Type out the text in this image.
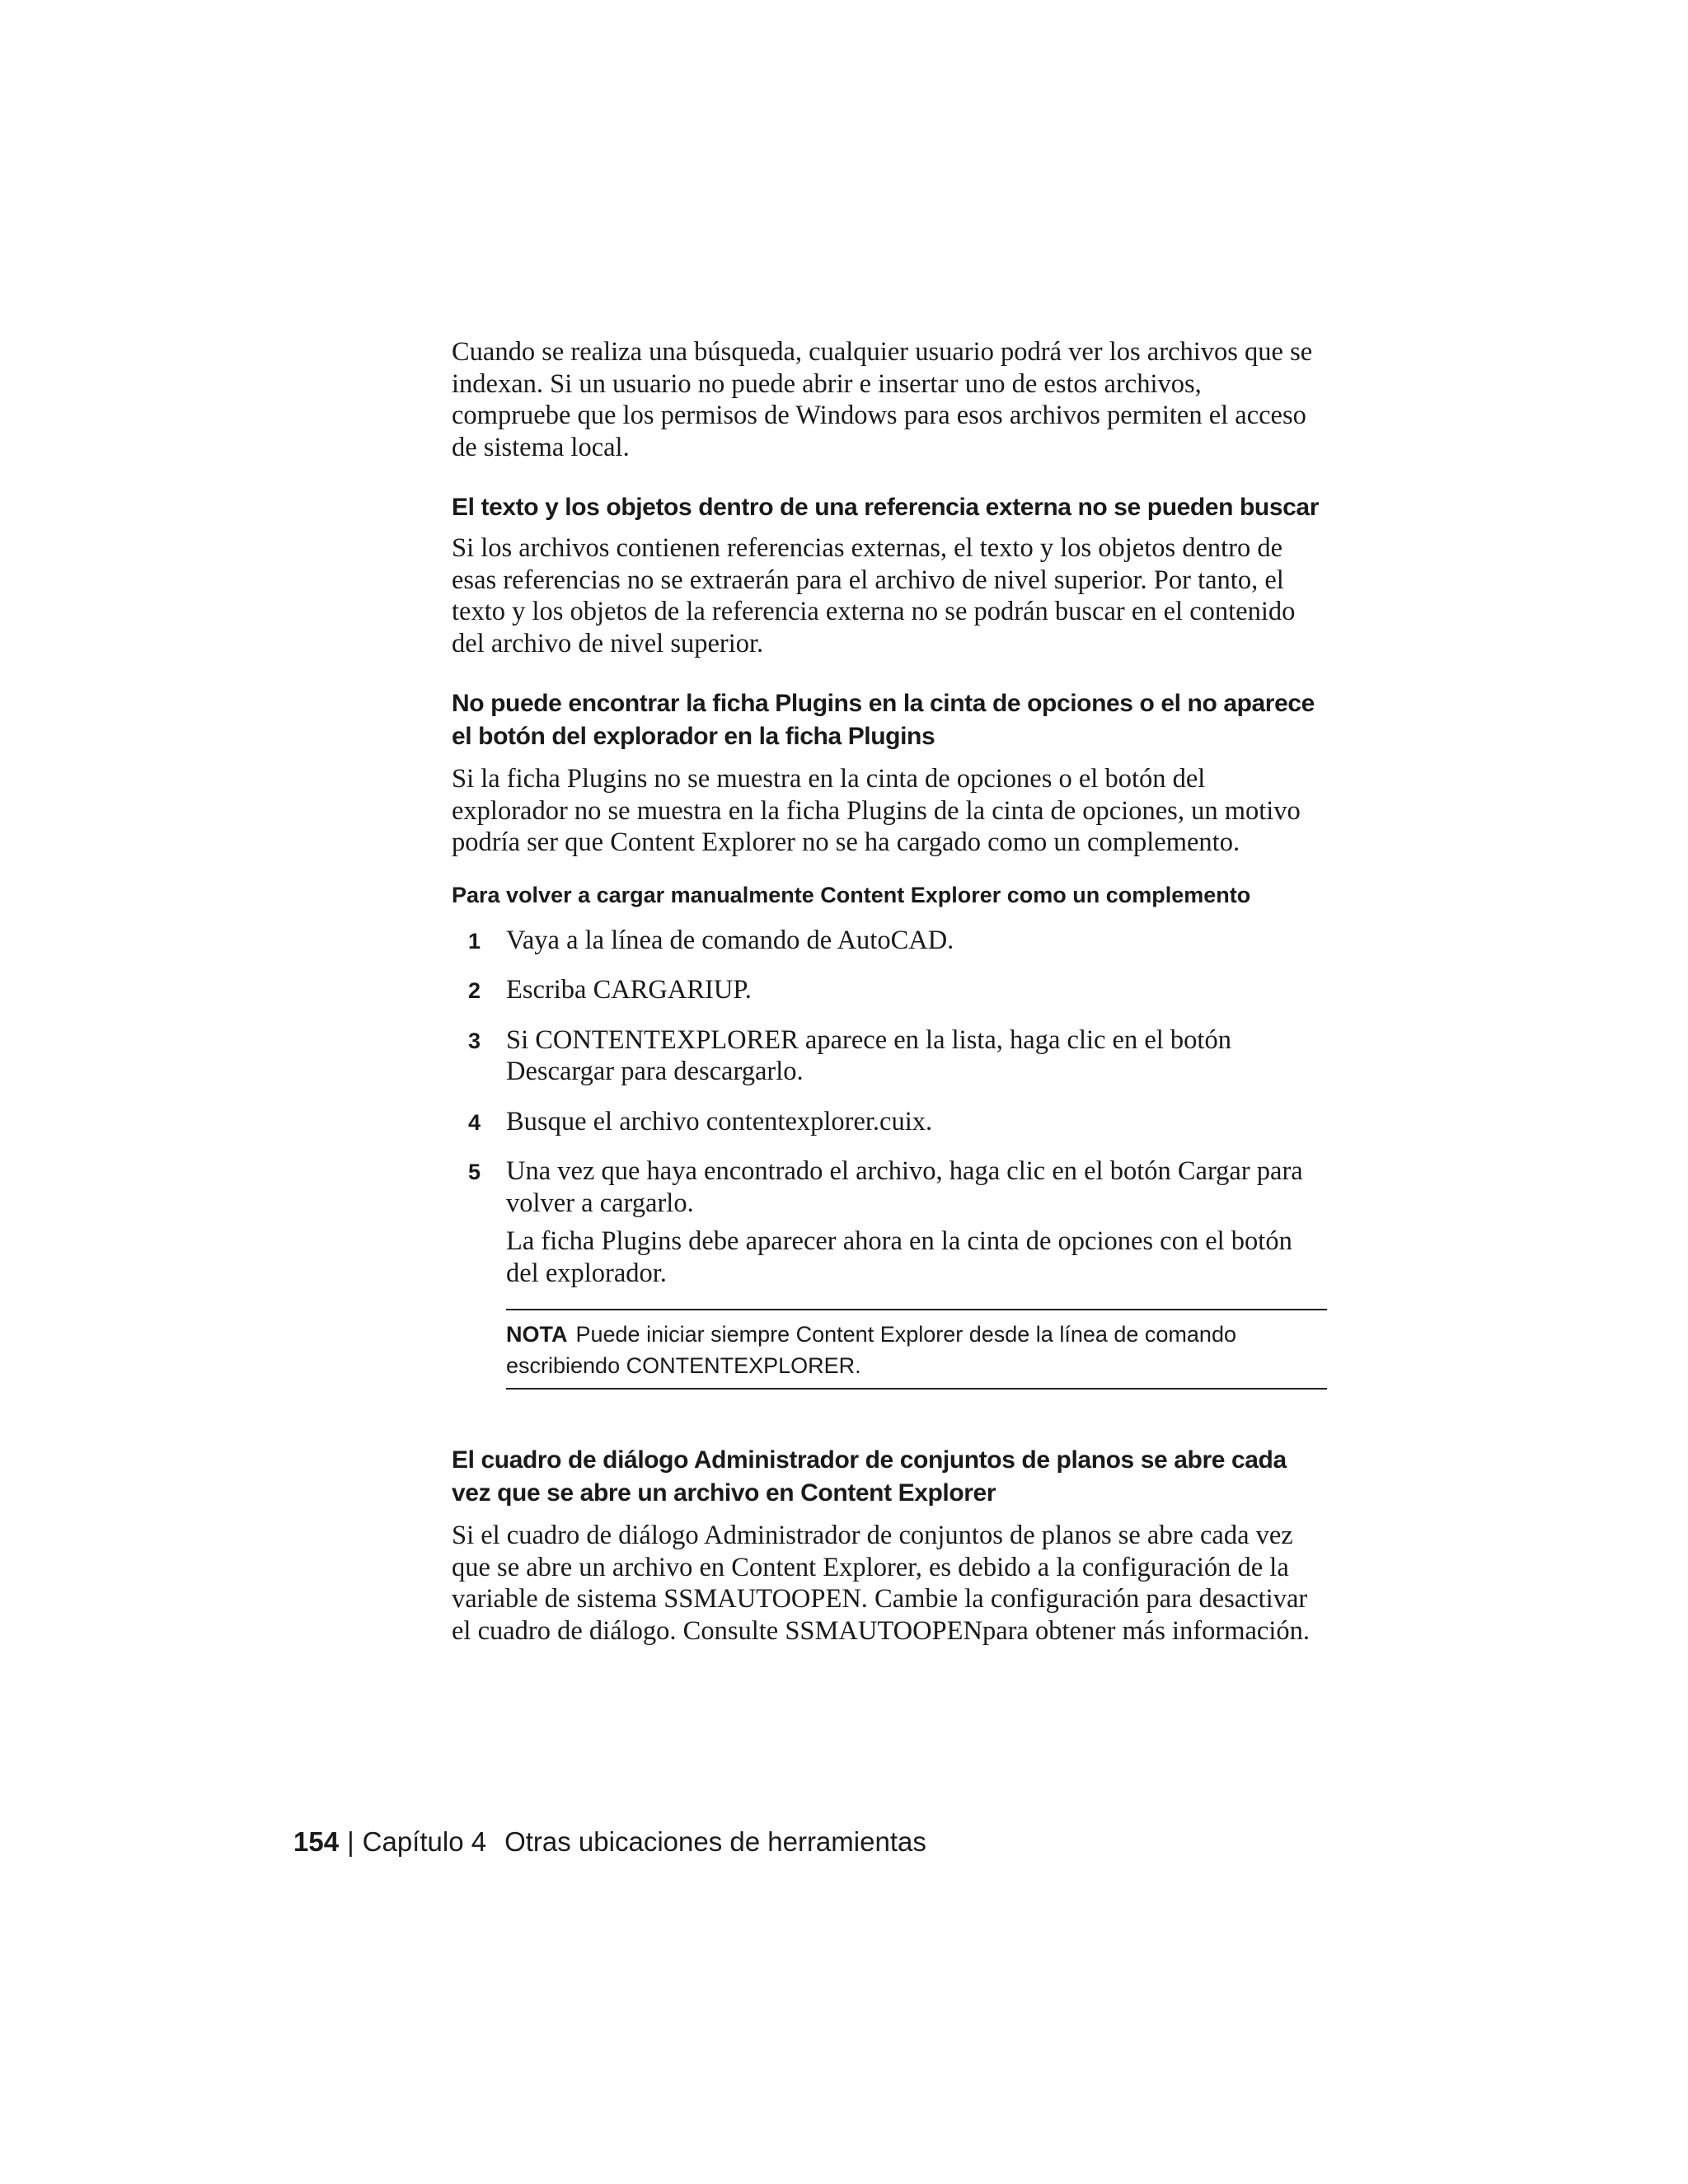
Cuando se realiza una búsqueda, cualquier usuario podrá ver los archivos que se indexan. Si un usuario no puede abrir e insertar uno de estos archivos, compruebe que los permisos de Windows para esos archivos permiten el acceso de sistema local.

El texto y los objetos dentro de una referencia externa no se pueden buscar

Si los archivos contienen referencias externas, el texto y los objetos dentro de esas referencias no se extraerán para el archivo de nivel superior. Por tanto, el texto y los objetos de la referencia externa no se podrán buscar en el contenido del archivo de nivel superior.

No puede encontrar la ficha Plugins en la cinta de opciones o el no aparece el botón del explorador en la ficha Plugins

Si la ficha Plugins no se muestra en la cinta de opciones o el botón del explorador no se muestra en la ficha Plugins de la cinta de opciones, un motivo podría ser que Content Explorer no se ha cargado como un complemento.

Para volver a cargar manualmente Content Explorer como un complemento
1 Vaya a la línea de comando de AutoCAD.
2 Escriba CARGARIUP.
3 Si CONTENTEXPLORER aparece en la lista, haga clic en el botón Descargar para descargarlo.
4 Busque el archivo contentexplorer.cuix.
5 Una vez que haya encontrado el archivo, haga clic en el botón Cargar para volver a cargarlo.

La ficha Plugins debe aparecer ahora en la cinta de opciones con el botón del explorador.

NOTA Puede iniciar siempre Content Explorer desde la línea de comando escribiendo CONTENTEXPLORER.
El cuadro de diálogo Administrador de conjuntos de planos se abre cada vez que se abre un archivo en Content Explorer

Si el cuadro de diálogo Administrador de conjuntos de planos se abre cada vez que se abre un archivo en Content Explorer, es debido a la configuración de la variable de sistema SSMAUTOOPEN. Cambie la configuración para desactivar el cuadro de diálogo. Consulte SSMAUTOOPENpara obtener más información.

154 | Capítulo 4 Otras ubicaciones de herramientas
